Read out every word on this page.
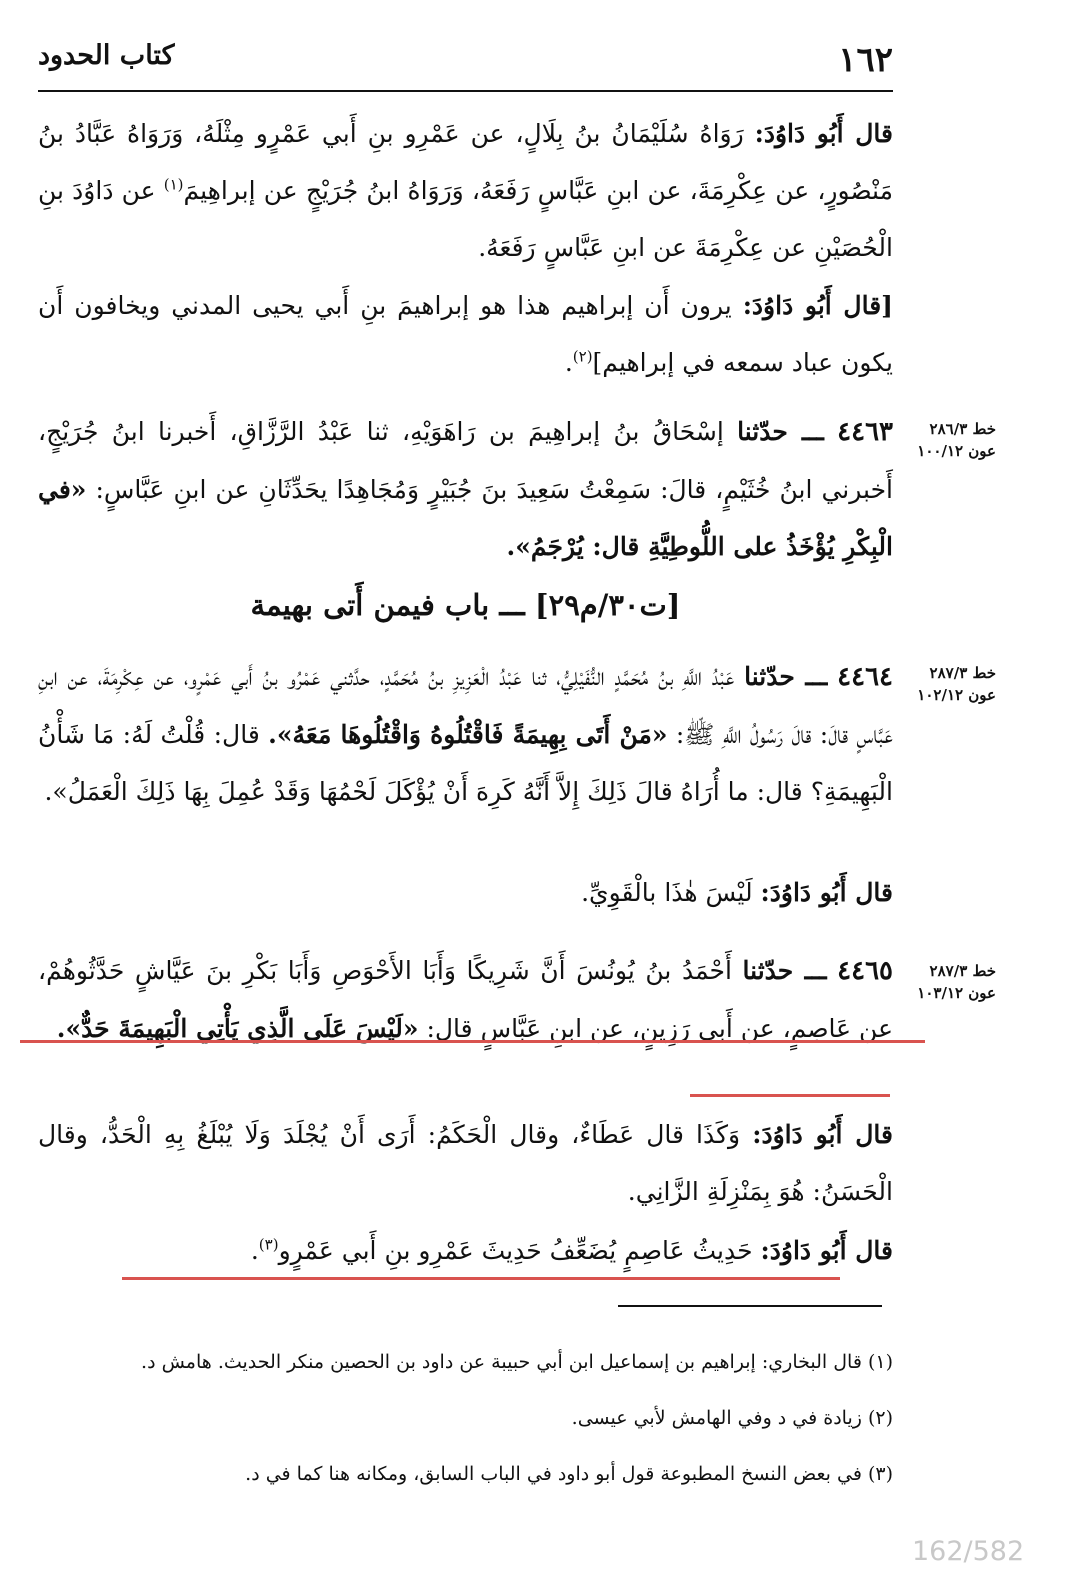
١٦٢
كتاب الحدود
قال أَبُو دَاوُدَ: رَوَاهُ سُلَيْمَانُ بنُ بِلَالٍ، عن عَمْرِو بنِ أَبي عَمْرٍو مِثْلَهُ، وَرَوَاهُ عَبَّادُ بنُ مَنْصُورٍ، عن عِكْرِمَةَ، عن ابنِ عَبَّاسٍ رَفَعَهُ، وَرَوَاهُ ابنُ جُرَيْجٍ عن إبراهِيمَ$^{(١)}$ عن دَاوُدَ بنِ الْحُصَيْنِ عن عِكْرِمَةَ عن ابنِ عَبَّاسٍ رَفَعَهُ.
[قال أَبُو دَاوُدَ: يرون أَن إبراهيم هذا هو إبراهيمَ بنِ أَبي يحيى المدني ويخافون أَن يكون عباد سمعه في إبراهيم]$^{(٢)}$.
خط ٢٨٦/٣
عون ١٠٠/١٢
٤٤٦٣ ـــ حدّثنا إسْحَاقُ بنُ إبراهِيمَ بن رَاهَوَيْهِ، ثنا عَبْدُ الرَّزَّاقِ، أَخبرنا ابنُ جُرَيْجٍ، أَخبرني ابنُ خُثَيْمٍ، قالَ: سَمِعْتُ سَعِيدَ بنَ جُبَيْرٍ وَمُجَاهِدًا يحَدِّثَانِ عن ابنِ عَبَّاسٍ: «في الْبِكْرِ يُؤْخَذُ على اللُّوطِيَّةِ قال: يُرْجَمُ».
[ت٣٠/م٢٩] ـــ باب فيمن أَتى بهيمة
خط ٢٨٧/٣
عون ١٠٢/١٢
٤٤٦٤ ـــ حدّثنا عَبْدُ اللَّهِ بنُ مُحَمَّدٍ النُّفَيْلِيُّ، ثنا عَبْدُ الْعَزِيزِ بنُ مُحَمَّدٍ، حدَّثني عَمْرُو بنُ أَبي عَمْرٍو، عن عِكْرِمَةَ، عن ابنِ عَبَّاسٍ قالَ: قالَ رَسُولُ اللَّهِ ﷺ: «مَنْ أَتَى بِهِيمَةً فَاقْتُلُوهُ وَاقْتُلُوهَا مَعَهُ». قال: قُلْتُ لَهُ: مَا شَأْنُ الْبَهِيمَةِ؟ قال: ما أُرَاهُ قالَ ذَلِكَ إِلاَّ أَنَّهُ كَرِهَ أَنْ يُؤْكَلَ لَحْمُهَا وَقَدْ عُمِلَ بِهَا ذَلِكَ الْعَمَلُ».
قال أَبُو دَاوُدَ: لَيْسَ هٰذَا بالْقَوِيِّ.
خط ٢٨٧/٣
عون ١٠٣/١٢
٤٤٦٥ ـــ حدّثنا أَحْمَدُ بنُ يُونُسَ أَنَّ شَرِيكًا وَأَبَا الأَحْوَصِ وَأَبَا بَكْرِ بنَ عَيَّاشٍ حَدَّثُوهُمْ، عن عَاصِمٍ، عن أَبي رَزِينٍ، عن ابنِ عَبَّاسٍ قال: «لَيْسَ عَلَى الَّذِي يَأْتِي الْبَهِيمَةَ حَدٌّ».
قال أَبُو دَاوُدَ: وَكَذَا قال عَطَاءٌ، وقال الْحَكَمُ: أَرَى أَنْ يُجْلَدَ وَلَا يُبْلَغُ بِهِ الْحَدُّ، وقال الْحَسَنُ: هُوَ بِمَنْزِلَةِ الزَّانِي.
قال أَبُو دَاوُدَ: حَدِيثُ عَاصِمٍ يُضَعِّفُ حَدِيثَ عَمْرِو بنِ أَبي عَمْرٍو$^{(٣)}$.
(١) قال البخاري: إبراهيم بن إسماعيل ابن أبي حبيبة عن داود بن الحصين منكر الحديث. هامش د.
(٢) زيادة في د وفي الهامش لأبي عيسى.
(٣) في بعض النسخ المطبوعة قول أبو داود في الباب السابق، ومكانه هنا كما في د.
162/582
